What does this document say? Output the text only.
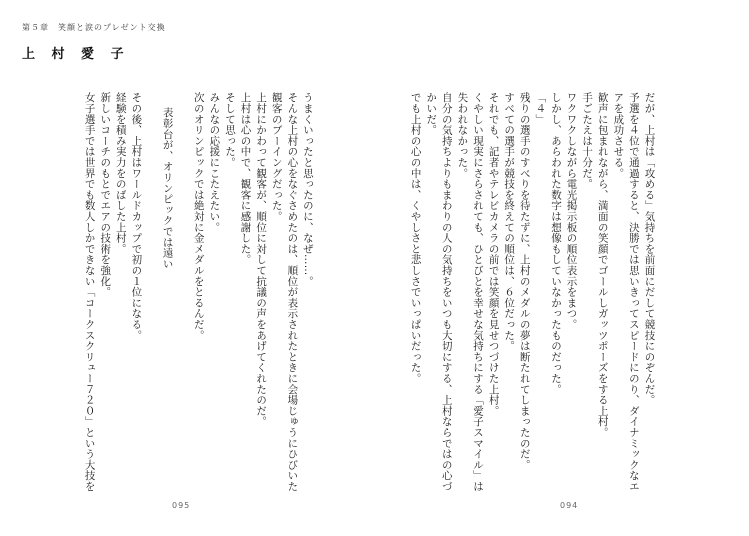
第５章　笑顔と涙のプレゼント交換
上 村 愛 子
だが、上村は「攻める」気持ちを前面にだして競技にのぞんだ。
予選を４位で通過すると、決勝では思いきってスピードにのり、ダイナミックなエ
アを成功させる。
歓声に包まれながら、満面の笑顔でゴールしガッツポーズをする上村。
手ごたえは十分だ。
ワクワクしながら電光掲示板の順位表示をまつ。
しかし、あらわれた数字は想像もしていなかったものだった。
「４」
残りの選手のすべりを待たずに、上村のメダルの夢は断たれてしまったのだ。
すべての選手が競技を終えての順位は、６位だった。
それでも、記者やテレビカメラの前では笑顔を見せつづけた上村。
くやしい現実にさらされても、ひとびとを幸せな気持ちにする「愛子スマイル」は
失われなかった。
自分の気持ちよりもまわりの人の気持ちをいつも大切にする、上村ならではの心づ
かいだ。
でも上村の心の中は、くやしさと悲しさでいっぱいだった。
うまくいったと思ったのに、なぜ……。
そんな上村の心をなぐさめたのは、順位が表示されたときに会場じゅうにひびいた
観客のブーイングだった。
上村にかわって観客が、順位に対して抗議の声をあげてくれたのだ。
上村は心の中で、観客に感謝した。
そして思った。
みんなの応援にこたえたい。
次のオリンピックでは絶対に金メダルをとるんだ。

表彰台が、オリンピックでは遠い

その後、上村はワールドカップで初の１位になる。
経験を積み実力をのばした上村。
新しいコーチのもとでエアの技術を強化。
女子選手では世界でも数人しかできない「コークスクリュー７２０」という大技を
095	094
